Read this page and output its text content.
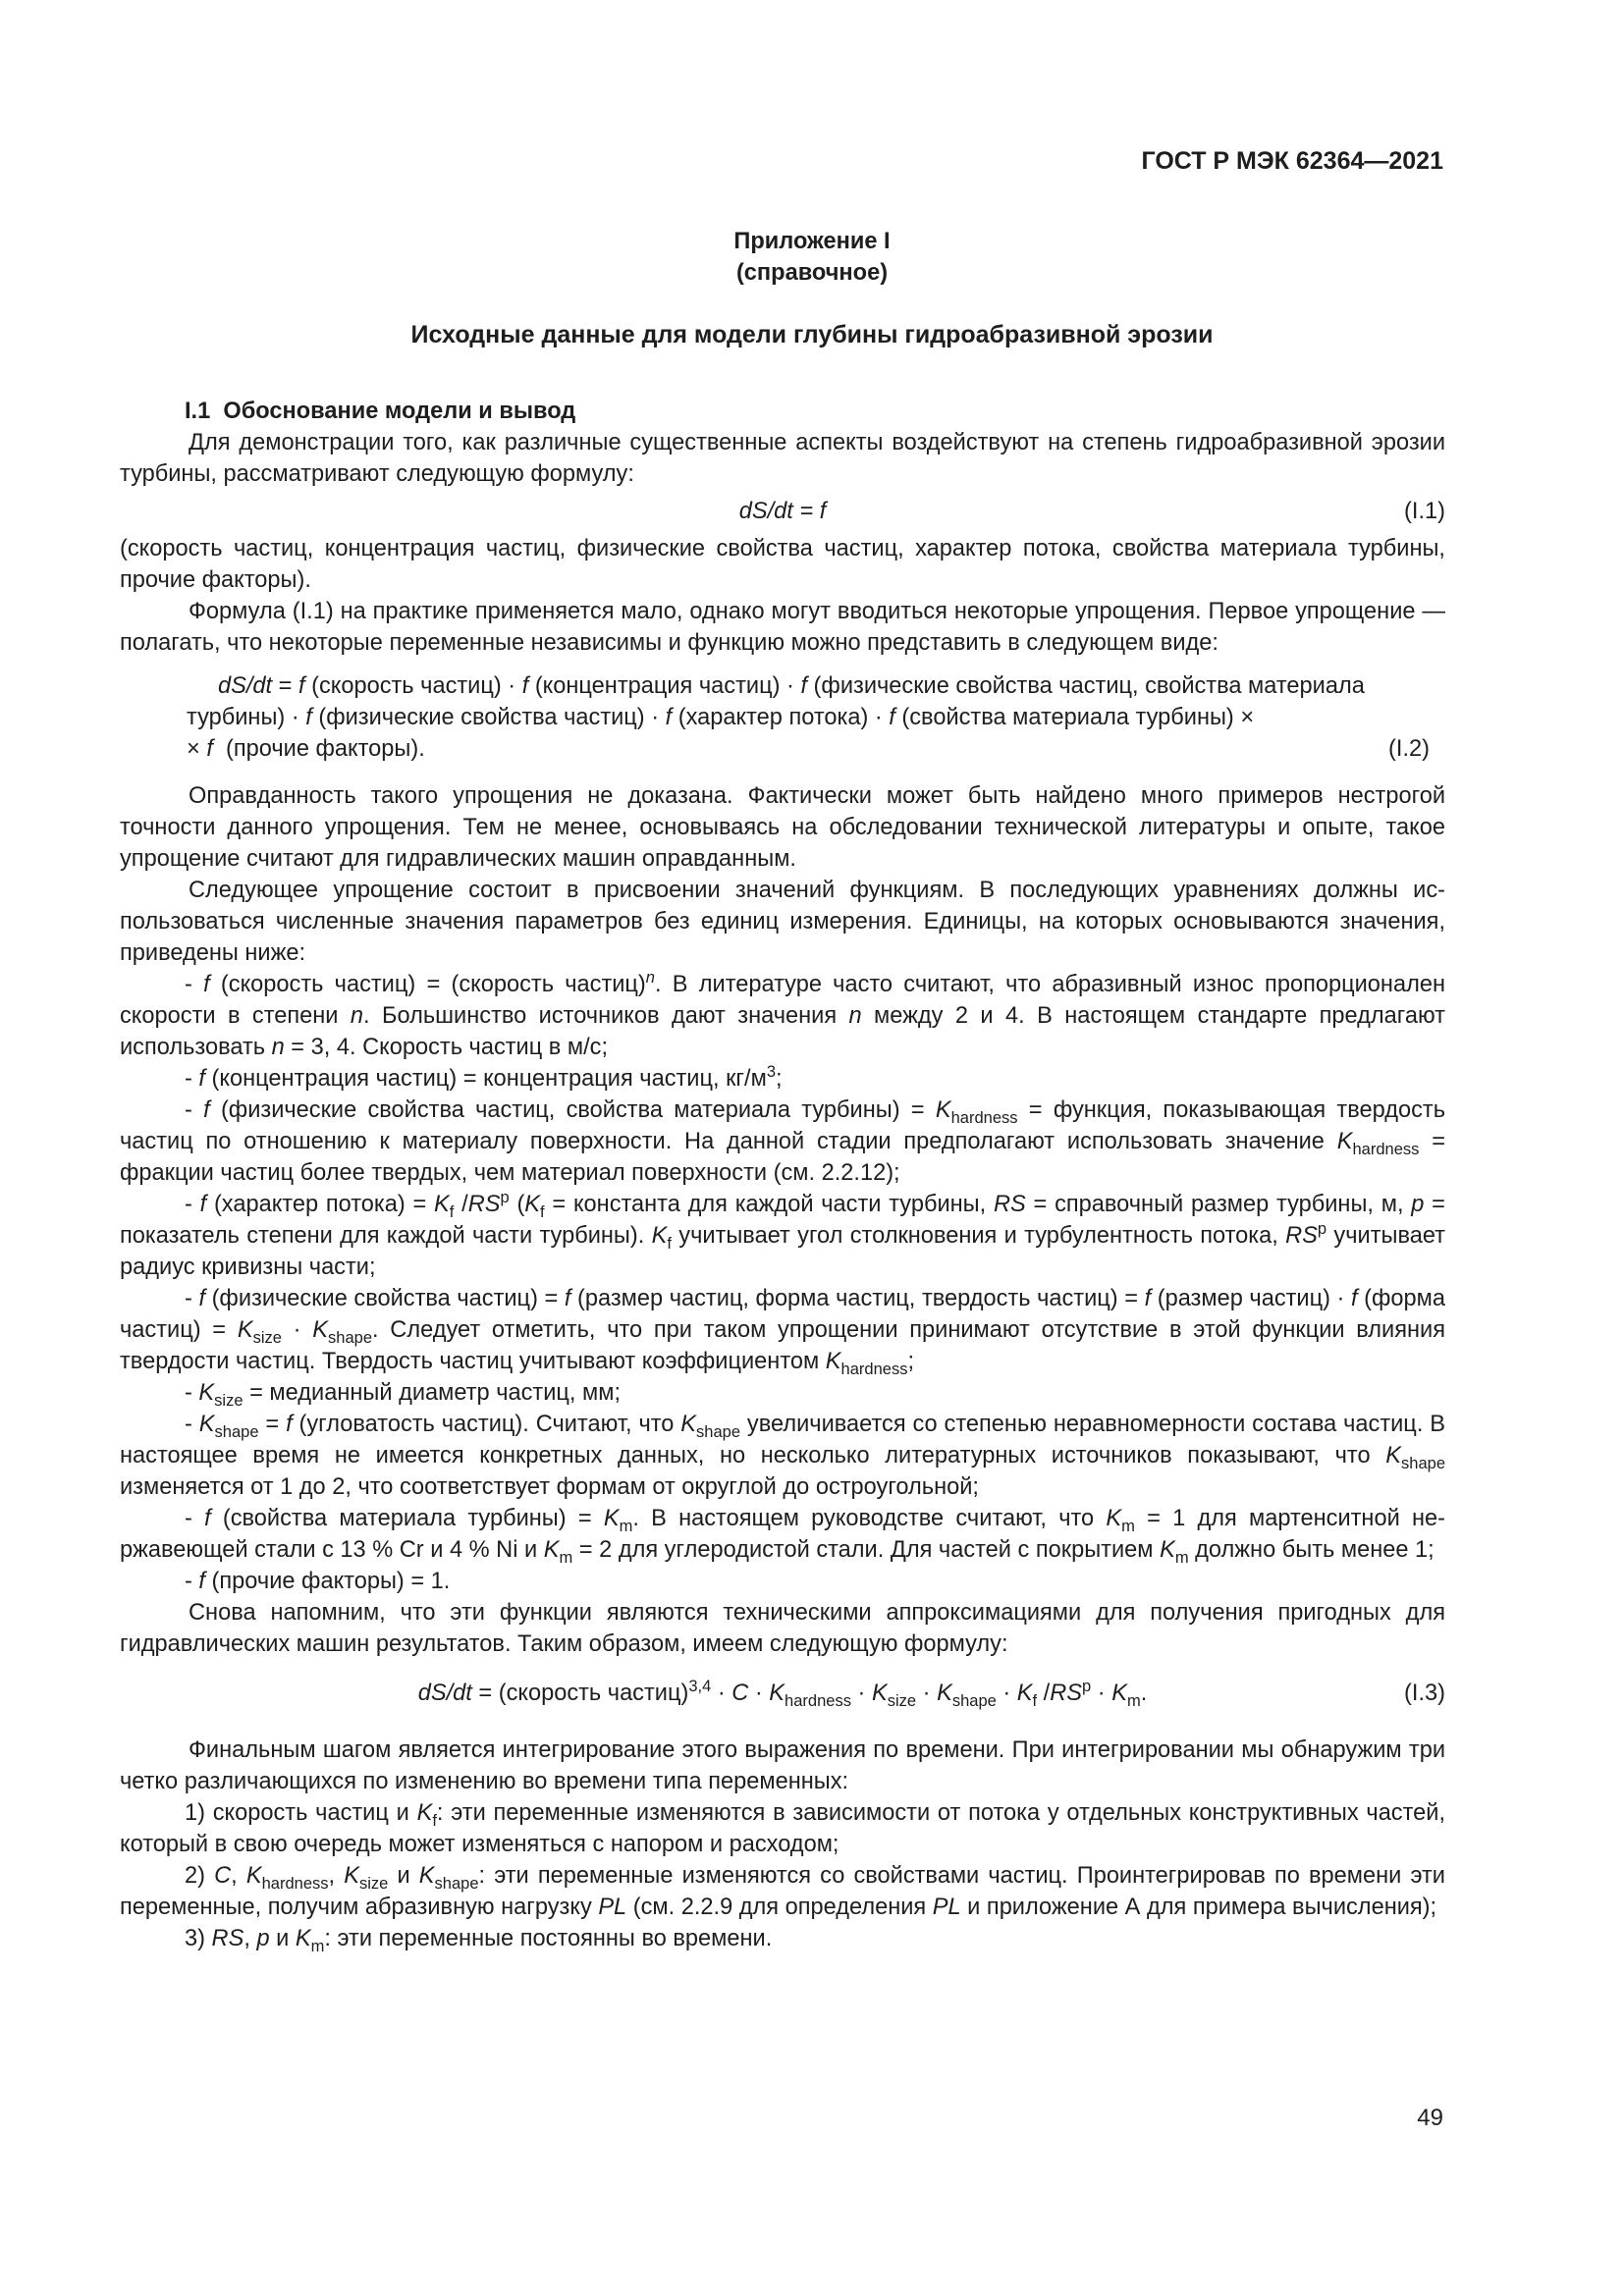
ГОСТ Р МЭК 62364—2021
Приложение I
(справочное)
Исходные данные для модели глубины гидроабразивной эрозии
I.1 Обоснование модели и вывод

Для демонстрации того, как различные существенные аспекты воздействуют на степень гидроабразивной эрозии турбины, рассматривают следующую формулу:

dS/dt = f	(I.1)

(скорость частиц, концентрация частиц, физические свойства частиц, характер потока, свойства материала турбины, прочие факторы).

Формула (I.1) на практике применяется мало, однако могут вводиться некоторые упрощения. Первое упрощение — полагать, что некоторые переменные независимы и функцию можно представить в следующем виде:

dS/dt = f (скорость частиц) · f (концентрация частиц) · f (физические свойства частиц, свойства материала турбины) · f (физические свойства частиц) · f (характер потока) · f (свойства материала турбины) ×
× f  (прочие факторы).	(I.2)

Оправданность такого упрощения не доказана. Фактически может быть найдено много примеров нестрогой точности данного упрощения. Тем не менее, основываясь на обследовании технической литературы и опыте, такое упрощение считают для гидравлических машин оправданным.

Следующее упрощение состоит в присвоении значений функциям. В последующих уравнениях должны использоваться численные значения параметров без единиц измерения. Единицы, на которых основываются значения, приведены ниже:

- f (скорость частиц) = (скорость частиц)$^n$. В литературе часто считают, что абразивный износ пропорционален скорости в степени n. Большинство источников дают значения n между 2 и 4. В настоящем стандарте предлагают использовать n = 3, 4. Скорость частиц в м/с;

- f (концентрация частиц) = концентрация частиц, $кг/м^3$;

- f (физические свойства частиц, свойства материала турбины) = $K_{hardness}$ = функция, показывающая твердость частиц по отношению к материалу поверхности. На данной стадии предполагают использовать значение $K_{hardness}$ = фракции частиц более твердых, чем материал поверхности (см. 2.2.12);

- f (характер потока) = $K_f$ $/RS^p$ ($K_f$ = константа для каждой части турбины, RS = справочный размер турбины, м, p = показатель степени для каждой части турбины). $K_f$ учитывает угол столкновения и турбулентность потока, $RS^p$ учитывает радиус кривизны части;

- f (физические свойства частиц) = f (размер частиц, форма частиц, твердость частиц) = f (размер частиц) · f (форма частиц) = $K_{size} \cdot K_{shape}$. Следует отметить, что при таком упрощении принимают отсутствие в этой функции влияния твердости частиц. Твердость частиц учитывают коэффициентом $K_{hardness}$;

- $K_{size}$ = медианный диаметр частиц, мм;

- $K_{shape} = f$ (угловатость частиц). Считают, что $K_{shape}$ увеличивается со степенью неравномерности состава частиц. В настоящее время не имеется конкретных данных, но несколько литературных источников показывают, что $K_{shape}$ изменяется от 1 до 2, что соответствует формам от округлой до остроугольной;

- f (свойства материала турбины) = $K_m$. В настоящем руководстве считают, что $K_m = 1$ для мартенситной нержавеющей стали с 13 % Cr и 4 % Ni и $K_m = 2$ для углеродистой стали. Для частей с покрытием $K_m$ должно быть менее 1;

- f (прочие факторы) = 1.

Снова напомним, что эти функции являются техническими аппроксимациями для получения пригодных для гидравлических машин результатов. Таким образом, имеем следующую формулу:

dS/dt = (скорость частиц)$^{3,4}$ · $C \cdot K_{hardness} \cdot K_{size} \cdot K_{shape} \cdot K_f$ $/RS^p \cdot K_m$.	(I.3)

Финальным шагом является интегрирование этого выражения по времени. При интегрировании мы обнаружим три четко различающихся по изменению во времени типа переменных:

1) скорость частиц и $K_f$: эти переменные изменяются в зависимости от потока у отдельных конструктивных частей, который в свою очередь может изменяться с напором и расходом;

2) C, $K_{hardness}$, $K_{size}$ и $K_{shape}$: эти переменные изменяются со свойствами частиц. Проинтегрировав по времени эти переменные, получим абразивную нагрузку PL (см. 2.2.9 для определения PL и приложение А для примера вычисления);

3) RS, p и $K_m$: эти переменные постоянны во времени.

49
